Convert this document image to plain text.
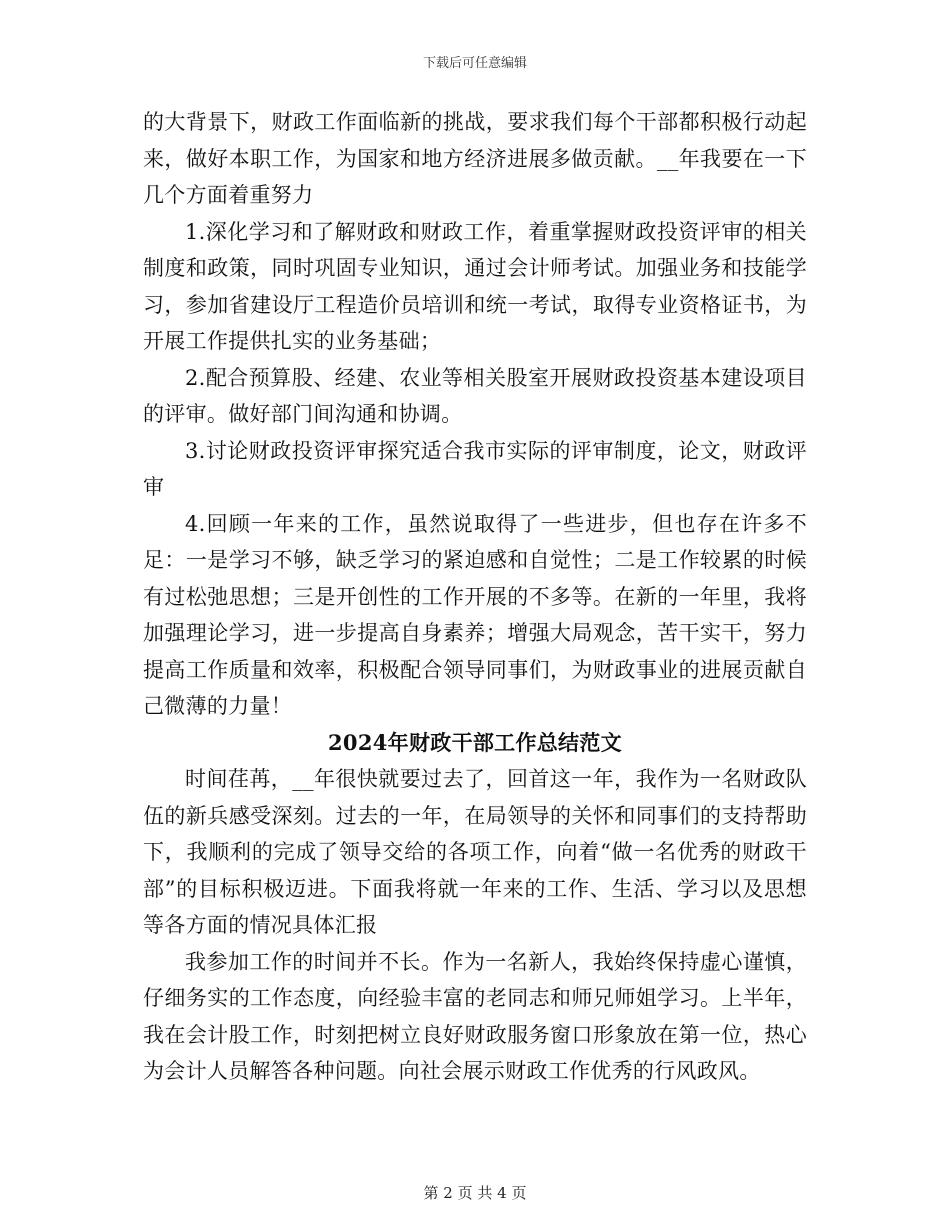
下载后可任意编辑

的大背景下，财政工作面临新的挑战，要求我们每个干部都积极行动起来，做好本职工作，为国家和地方经济进展多做贡献。__年我要在一下几个方面着重努力

1.深化学习和了解财政和财政工作，着重掌握财政投资评审的相关制度和政策，同时巩固专业知识，通过会计师考试。加强业务和技能学习，参加省建设厅工程造价员培训和统一考试，取得专业资格证书，为开展工作提供扎实的业务基础；

2.配合预算股、经建、农业等相关股室开展财政投资基本建设项目的评审。做好部门间沟通和协调。

3.讨论财政投资评审探究适合我市实际的评审制度，论文，财政评审

4.回顾一年来的工作，虽然说取得了一些进步，但也存在许多不足：一是学习不够，缺乏学习的紧迫感和自觉性；二是工作较累的时候有过松弛思想；三是开创性的工作开展的不多等。在新的一年里，我将加强理论学习，进一步提高自身素养；增强大局观念，苦干实干，努力提高工作质量和效率，积极配合领导同事们，为财政事业的进展贡献自己微薄的力量！

2024年财政干部工作总结范文

时间荏苒，__年很快就要过去了，回首这一年，我作为一名财政队伍的新兵感受深刻。过去的一年，在局领导的关怀和同事们的支持帮助下，我顺利的完成了领导交给的各项工作，向着“做一名优秀的财政干部”的目标积极迈进。下面我将就一年来的工作、生活、学习以及思想等各方面的情况具体汇报

我参加工作的时间并不长。作为一名新人，我始终保持虚心谨慎，仔细务实的工作态度，向经验丰富的老同志和师兄师姐学习。上半年，我在会计股工作，时刻把树立良好财政服务窗口形象放在第一位，热心为会计人员解答各种问题。向社会展示财政工作优秀的行风政风。

第 2 页 共 4 页
